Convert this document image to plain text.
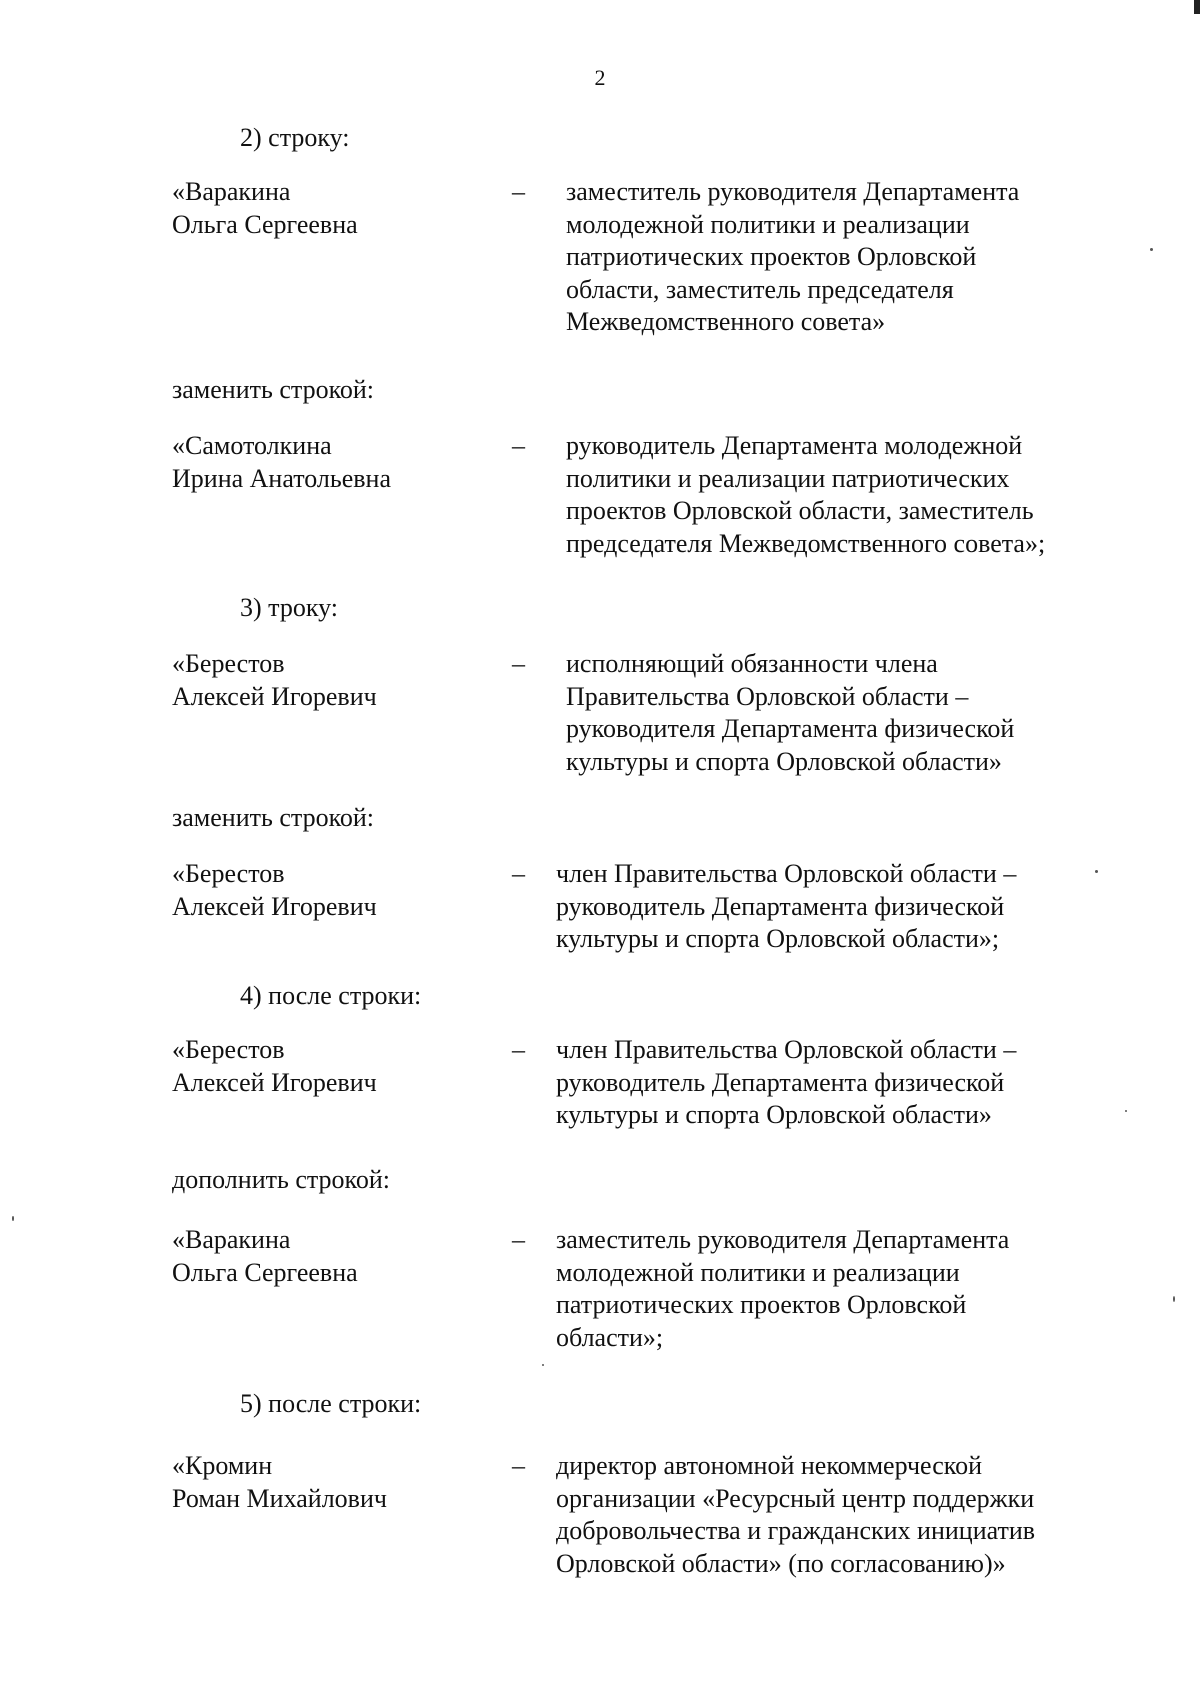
2
2) строку:
«Варакина
Ольга Сергеевна
– заместитель руководителя Департамента
молодежной политики и реализации
патриотических проектов Орловской
области, заместитель председателя
Межведомственного совета»
заменить строкой:
«Самотолкина
Ирина Анатольевна
– руководитель Департамента молодежной
политики и реализации патриотических
проектов Орловской области, заместитель
председателя Межведомственного совета»;
3) троку:
«Берестов
Алексей Игоревич
– исполняющий обязанности члена
Правительства Орловской области –
руководителя Департамента физической
культуры и спорта Орловской области»
заменить строкой:
«Берестов
Алексей Игоревич
– член Правительства Орловской области –
руководитель Департамента физической
культуры и спорта Орловской области»;
4) после строки:
«Берестов
Алексей Игоревич
– член Правительства Орловской области –
руководитель Департамента физической
культуры и спорта Орловской области»
дополнить строкой:
«Варакина
Ольга Сергеевна
– заместитель руководителя Департамента
молодежной политики и реализации
патриотических проектов Орловской
области»;
5) после строки:
«Кромин
Роман Михайлович
– директор автономной некоммерческой
организации «Ресурсный центр поддержки
добровольчества и гражданских инициатив
Орловской области» (по согласованию)»
